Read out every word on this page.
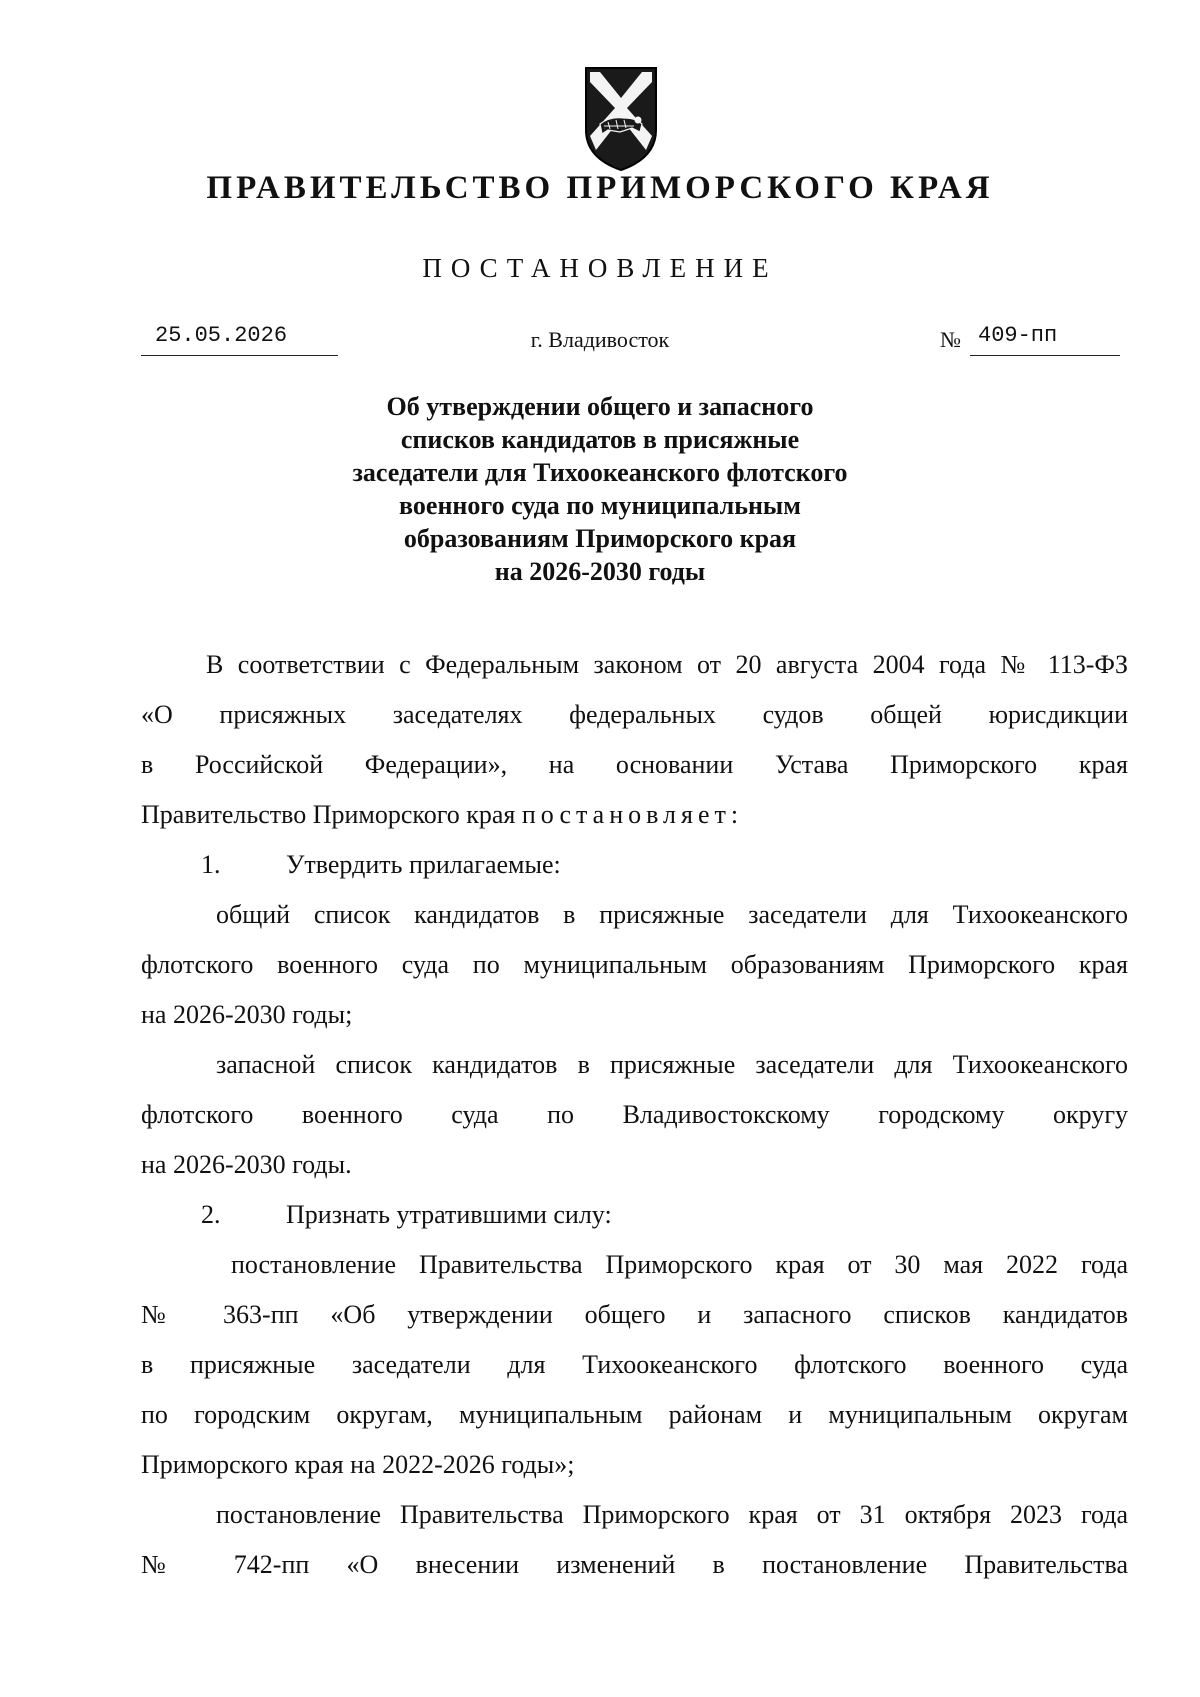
ПРАВИТЕЛЬСТВО ПРИМОРСКОГО КРАЯ
ПОСТАНОВЛЕНИЕ
25.05.2026	г. Владивосток	№ 409-пп
Об утверждении общего и запасного
списков кандидатов в присяжные
заседатели для Тихоокеанского флотского
военного суда по муниципальным
образованиям Приморского края
на 2026-2030 годы
В соответствии с Федеральным законом от 20 августа 2004 года № 113-ФЗ
«О присяжных заседателях федеральных судов общей юрисдикции
в Российской Федерации», на основании Устава Приморского края
Правительство Приморского края постановляет:
1.	Утвердить прилагаемые:
общий список кандидатов в присяжные заседатели для Тихоокеанского
флотского военного суда по муниципальным образованиям Приморского края
на 2026-2030 годы;
запасной список кандидатов в присяжные заседатели для Тихоокеанского
флотского военного суда по Владивостокскому городскому округу
на 2026-2030 годы.
2.	Признать утратившими силу:
постановление Правительства Приморского края от 30 мая 2022 года
№ 363-пп «Об утверждении общего и запасного списков кандидатов
в присяжные заседатели для Тихоокеанского флотского военного суда
по городским округам, муниципальным районам и муниципальным округам
Приморского края на 2022-2026 годы»;
постановление Правительства Приморского края от 31 октября 2023 года
№ 742-пп «О внесении изменений в постановление Правительства
